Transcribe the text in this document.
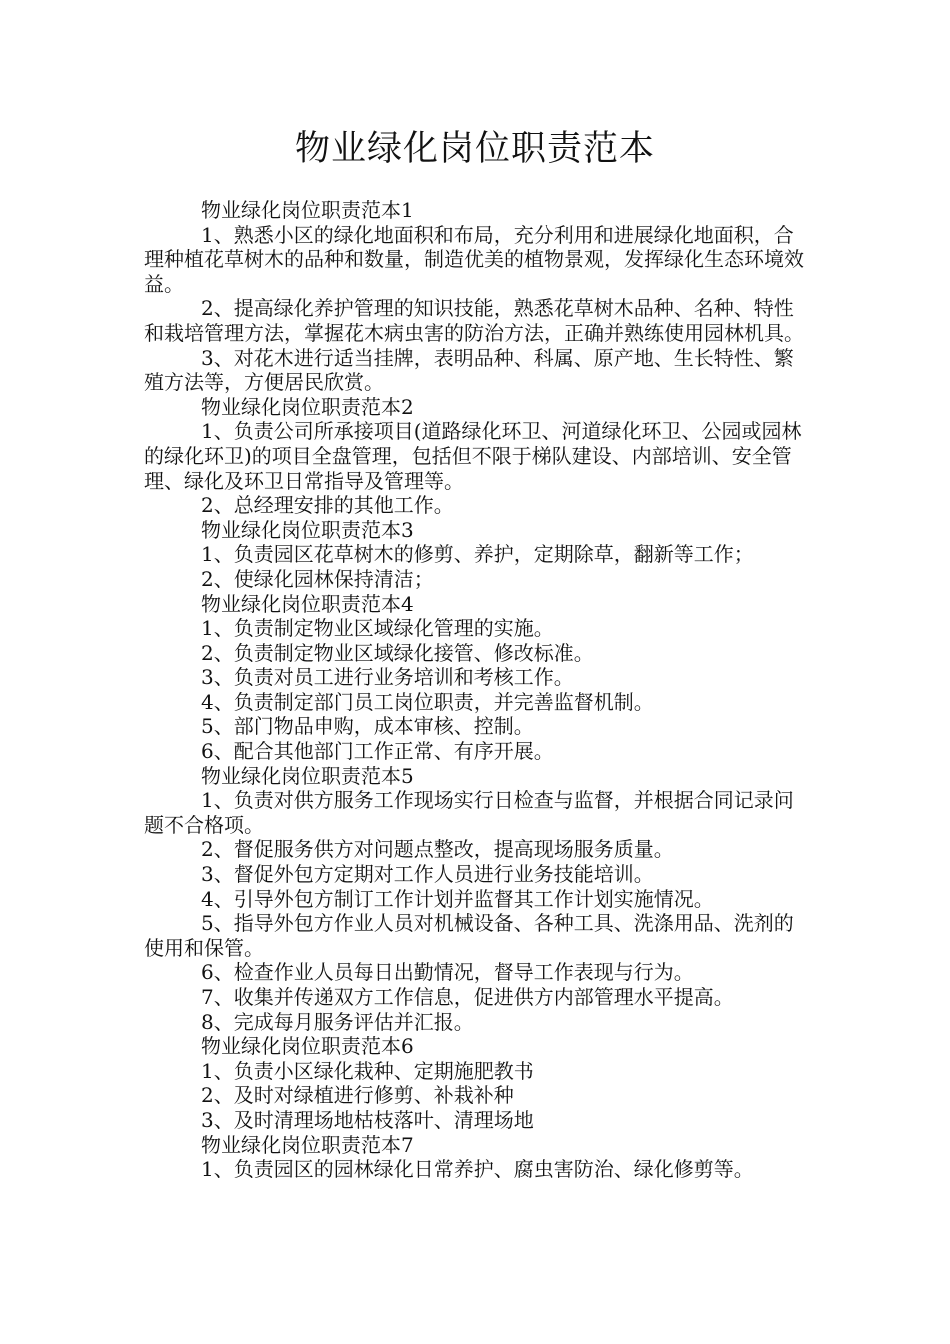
物业绿化岗位职责范本

物业绿化岗位职责范本1

1、熟悉小区的绿化地面积和布局，充分利用和进展绿化地面积，合理种植花草树木的品种和数量，制造优美的植物景观，发挥绿化生态环境效益。

2、提高绿化养护管理的知识技能，熟悉花草树木品种、名种、特性和栽培管理方法，掌握花木病虫害的防治方法，正确并熟练使用园林机具。

3、对花木进行适当挂牌，表明品种、科属、原产地、生长特性、繁殖方法等，方便居民欣赏。

物业绿化岗位职责范本2

1、负责公司所承接项目(道路绿化环卫、河道绿化环卫、公园或园林的绿化环卫)的项目全盘管理，包括但不限于梯队建设、内部培训、安全管理、绿化及环卫日常指导及管理等。

2、总经理安排的其他工作。

物业绿化岗位职责范本3

1、负责园区花草树木的修剪、养护，定期除草，翻新等工作；

2、使绿化园林保持清洁；

物业绿化岗位职责范本4

1、负责制定物业区域绿化管理的实施。

2、负责制定物业区域绿化接管、修改标准。

3、负责对员工进行业务培训和考核工作。

4、负责制定部门员工岗位职责，并完善监督机制。

5、部门物品申购，成本审核、控制。

6、配合其他部门工作正常、有序开展。

物业绿化岗位职责范本5

1、负责对供方服务工作现场实行日检查与监督，并根据合同记录问题不合格项。

2、督促服务供方对问题点整改，提高现场服务质量。

3、督促外包方定期对工作人员进行业务技能培训。

4、引导外包方制订工作计划并监督其工作计划实施情况。

5、指导外包方作业人员对机械设备、各种工具、洗涤用品、洗剂的使用和保管。

6、检查作业人员每日出勤情况，督导工作表现与行为。

7、收集并传递双方工作信息，促进供方内部管理水平提高。

8、完成每月服务评估并汇报。

物业绿化岗位职责范本6

1、负责小区绿化栽种、定期施肥教书

2、及时对绿植进行修剪、补栽补种

3、及时清理场地枯枝落叶、清理场地

物业绿化岗位职责范本7

1、负责园区的园林绿化日常养护、腐虫害防治、绿化修剪等。
